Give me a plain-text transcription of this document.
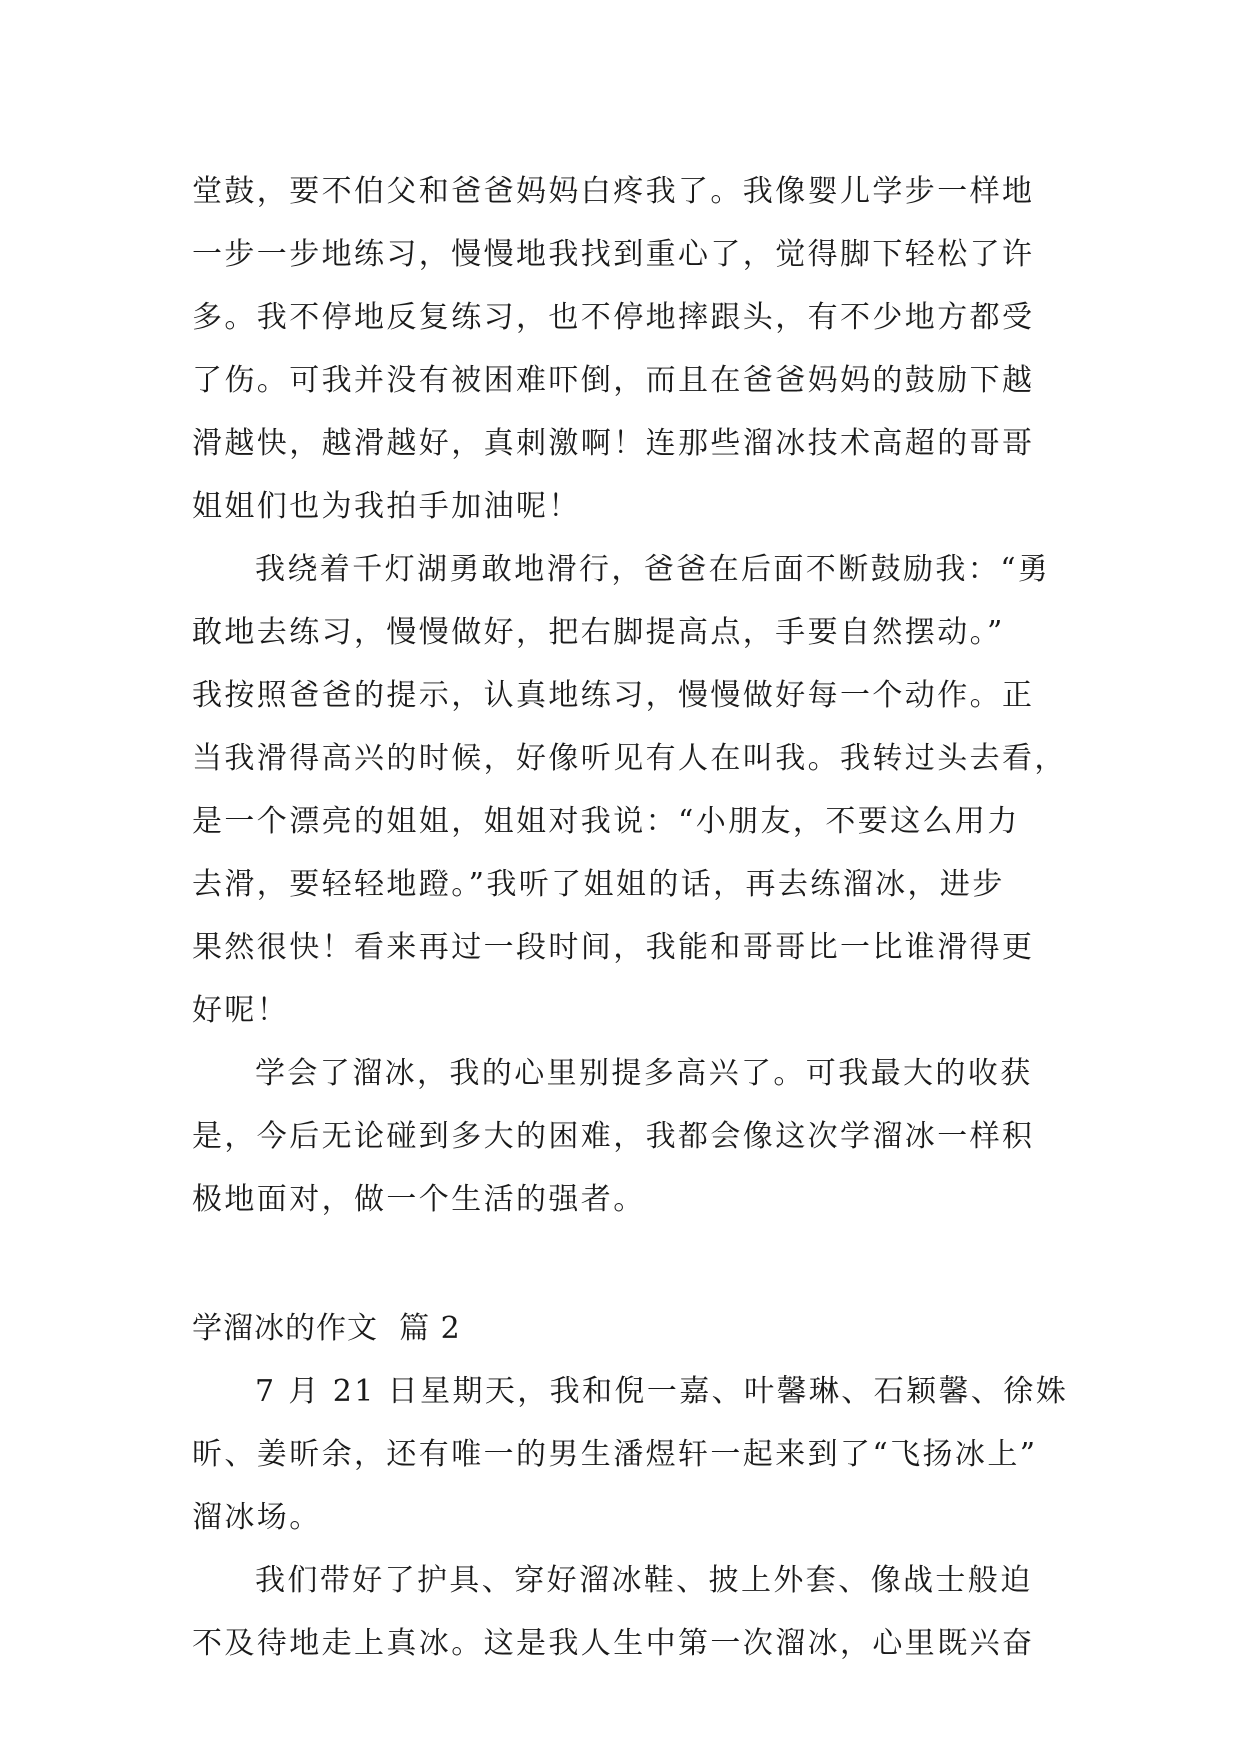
堂鼓，要不伯父和爸爸妈妈白疼我了。我像婴儿学步一样地
一步一步地练习，慢慢地我找到重心了，觉得脚下轻松了许
多。我不停地反复练习，也不停地摔跟头，有不少地方都受
了伤。可我并没有被困难吓倒，而且在爸爸妈妈的鼓励下越
滑越快，越滑越好，真刺激啊！连那些溜冰技术高超的哥哥
姐姐们也为我拍手加油呢！
我绕着千灯湖勇敢地滑行，爸爸在后面不断鼓励我：“勇
敢地去练习，慢慢做好，把右脚提高点，手要自然摆动。”
我按照爸爸的提示，认真地练习，慢慢做好每一个动作。正
当我滑得高兴的时候，好像听见有人在叫我。我转过头去看，
是一个漂亮的姐姐，姐姐对我说：“小朋友，不要这么用力
去滑，要轻轻地蹬。”我听了姐姐的话，再去练溜冰，进步
果然很快！看来再过一段时间，我能和哥哥比一比谁滑得更
好呢！
学会了溜冰，我的心里别提多高兴了。可我最大的收获
是，今后无论碰到多大的困难，我都会像这次学溜冰一样积
极地面对，做一个生活的强者。
学溜冰的作文  篇 2
7 月 21 日星期天，我和倪一嘉、叶馨琳、石颖馨、徐姝
昕、姜昕余，还有唯一的男生潘煜轩一起来到了“飞扬冰上”
溜冰场。
我们带好了护具、穿好溜冰鞋、披上外套、像战士般迫
不及待地走上真冰。这是我人生中第一次溜冰，心里既兴奋
